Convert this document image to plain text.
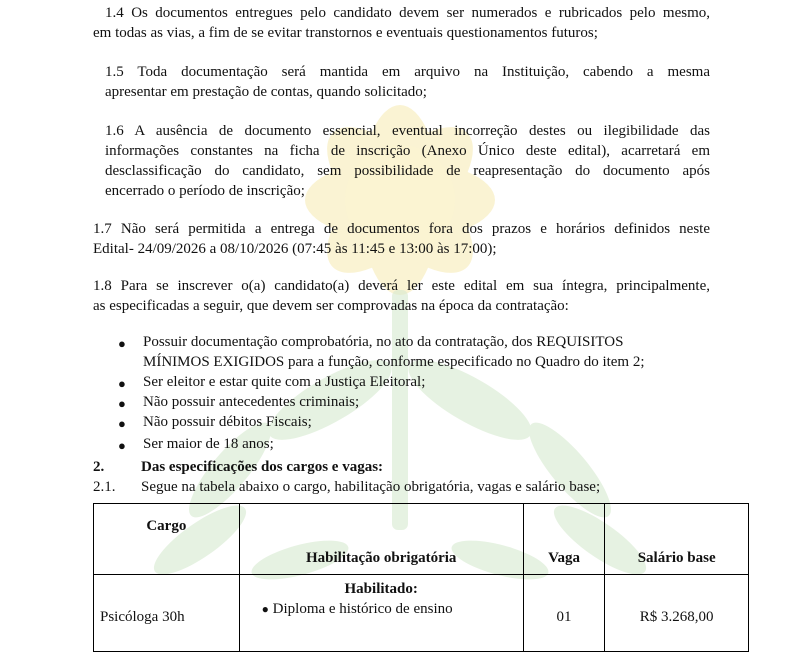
1.4 Os documentos entregues pelo candidato devem ser numerados e rubricados pelo mesmo,
em todas as vias, a fim de se evitar transtornos e eventuais questionamentos futuros;
1.5 Toda documentação será mantida em arquivo na Instituição, cabendo a mesma
apresentar em prestação de contas, quando solicitado;
1.6 A ausência de documento essencial, eventual incorreção destes ou ilegibilidade das
informações constantes na ficha de inscrição (Anexo Único deste edital), acarretará em
desclassificação do candidato, sem possibilidade de reapresentação do documento após
encerrado o período de inscrição;
1.7 Não será permitida a entrega de documentos fora dos prazos e horários definidos neste
Edital- 24/09/2026 a 08/10/2026 (07:45 às 11:45 e 13:00 às 17:00);
1.8 Para se inscrever o(a) candidato(a) deverá ler este edital em sua íntegra, principalmente,
as especificadas a seguir, que devem ser comprovadas na época da contratação:
● Possuir documentação comprobatória, no ato da contratação, dos REQUISITOS
MÍNIMOS EXIGIDOS para a função, conforme especificado no Quadro do item 2;
● Ser eleitor e estar quite com a Justiça Eleitoral;
● Não possuir antecedentes criminais;
● Não possuir débitos Fiscais;
● Ser maior de 18 anos;
2. Das especificações dos cargos e vagas:
2.1. Segue na tabela abaixo o cargo, habilitação obrigatória, vagas e salário base;
Cargo	Habilitação obrigatória	Vaga	Salário base
Psicóloga 30h	Habilitado:
● Diploma e histórico de ensino	01	R$ 3.268,00
